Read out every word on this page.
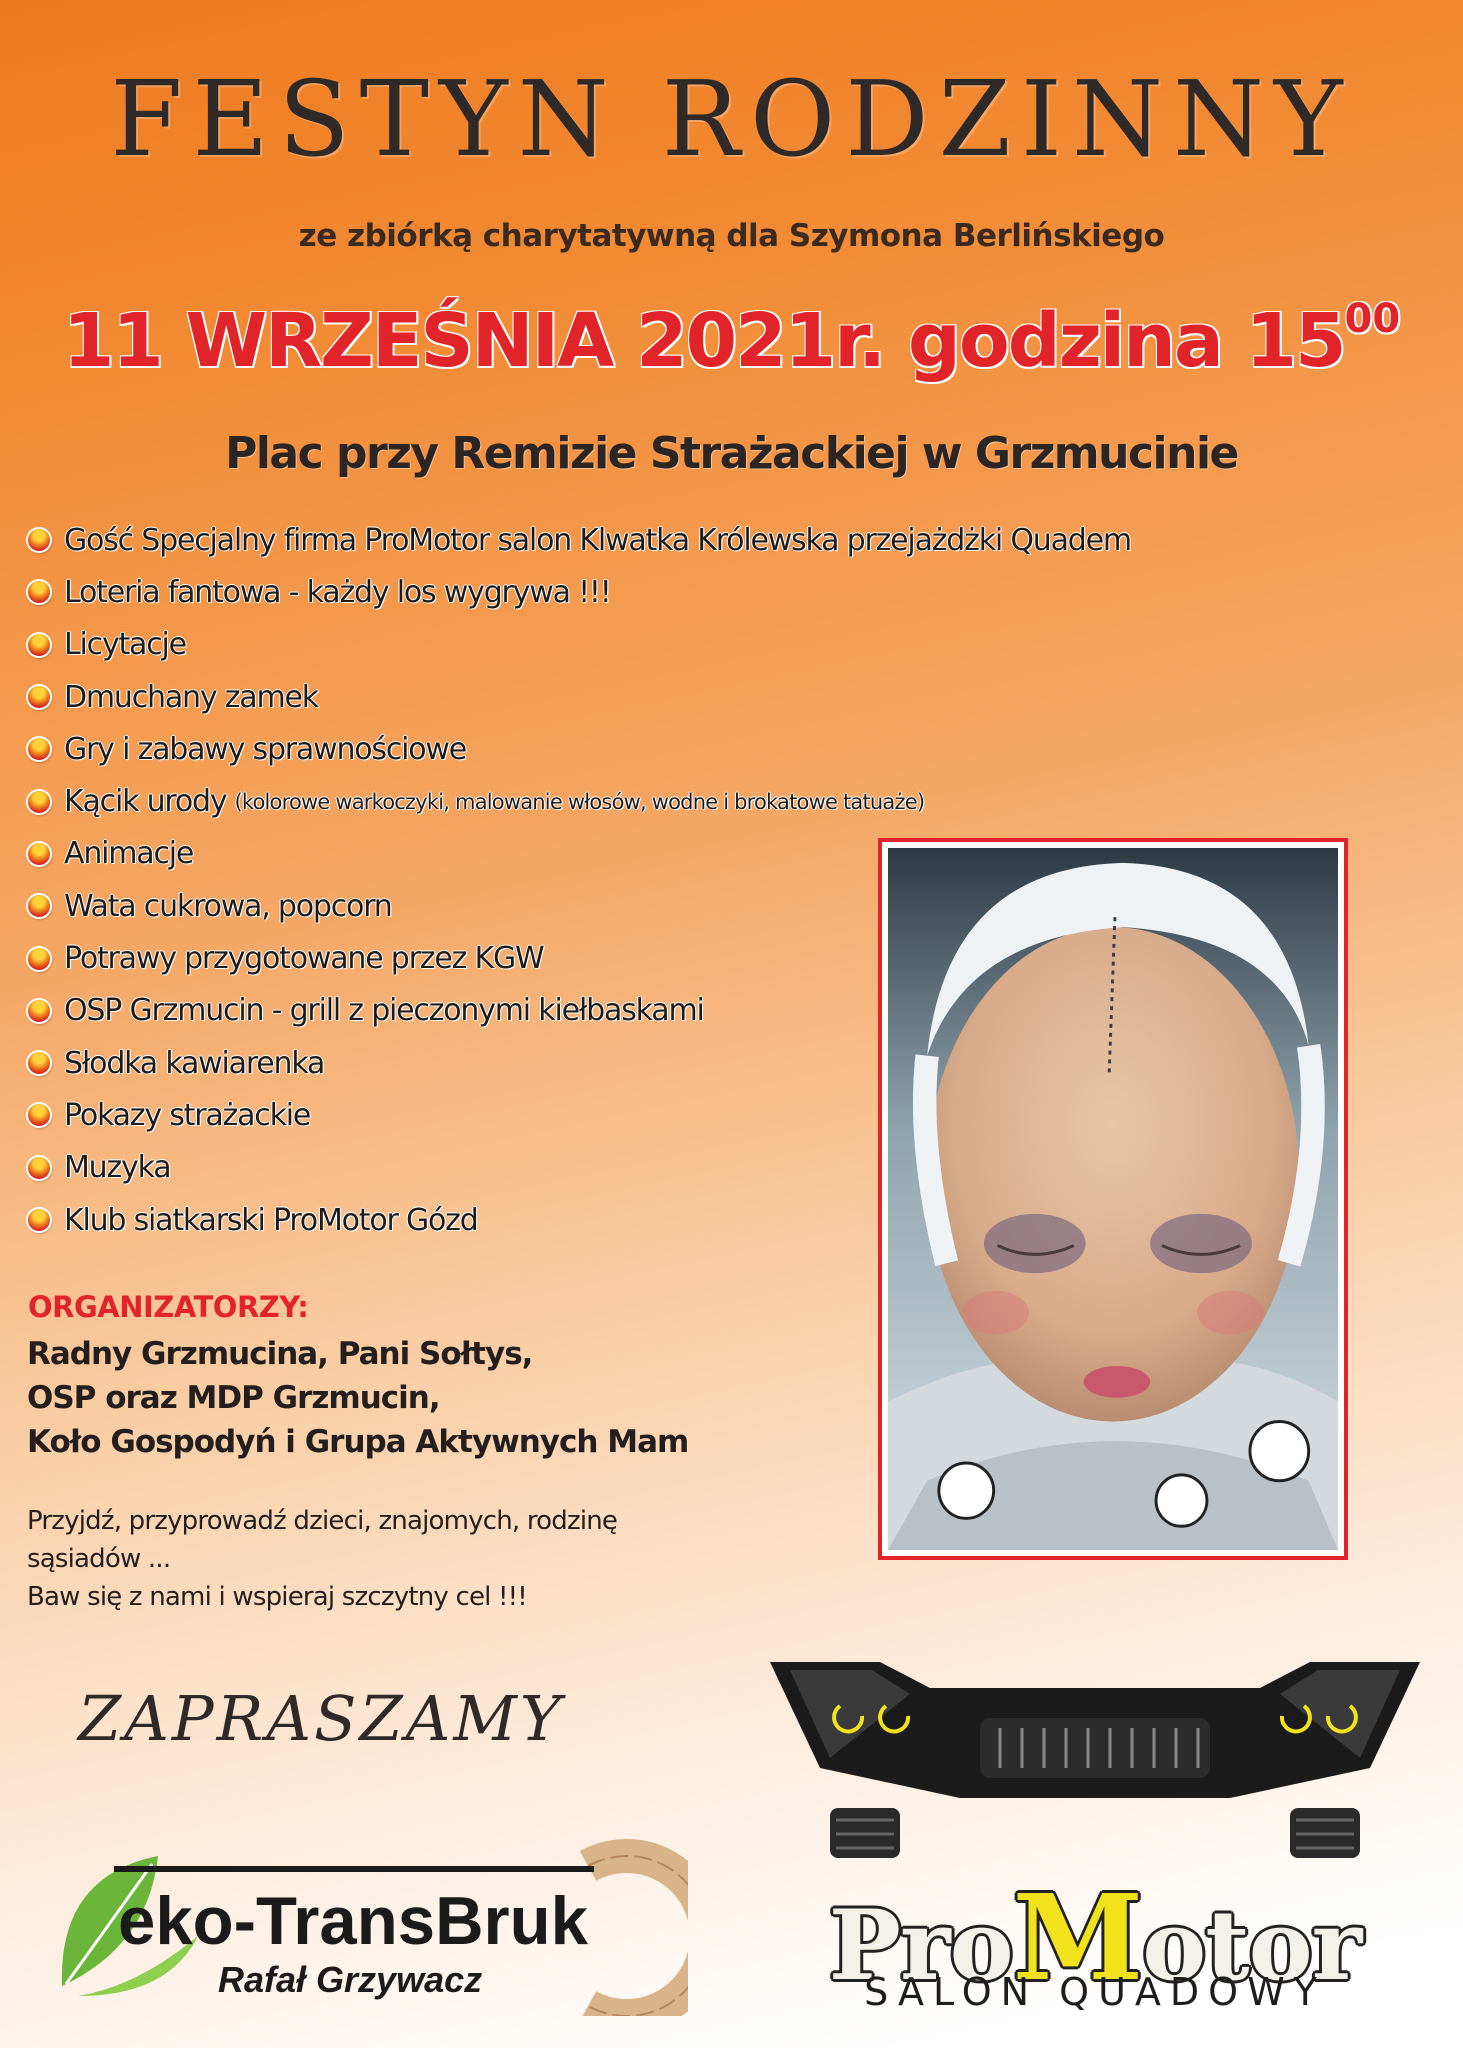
FESTYN RODZINNY
ze zbiórką charytatywną dla Szymona Berlińskiego
11 WRZEŚNIA 2021r. godzina $15^{00}$
Plac przy Remizie Strażackiej w Grzmucinie
Gość Specjalny firma ProMotor salon Klwatka Królewska przejażdżki Quadem
Loteria fantowa - każdy los wygrywa !!!
Licytacje
Dmuchany zamek
Gry i zabawy sprawnościowe
Kącik urody (kolorowe warkoczyki, malowanie włosów, wodne i brokatowe tatuaże)
Animacje
Wata cukrowa, popcorn
Potrawy przygotowane przez KGW
OSP Grzmucin - grill z pieczonymi kiełbaskami
Słodka kawiarenka
Pokazy strażackie
Muzyka
Klub siatkarski ProMotor Gózd
ORGANIZATORZY:
Radny Grzmucina, Pani Sołtys,
OSP oraz MDP Grzmucin,
Koło Gospodyń i Grupa Aktywnych Mam
Przyjdź, przyprowadź dzieci, znajomych, rodzinę
sąsiadów ...
Baw się z nami i wspieraj szczytny cel !!!
ZAPRASZAMY
eko-TransBruk
Rafał Grzywacz	ProMotor
SALON QUADOWY
